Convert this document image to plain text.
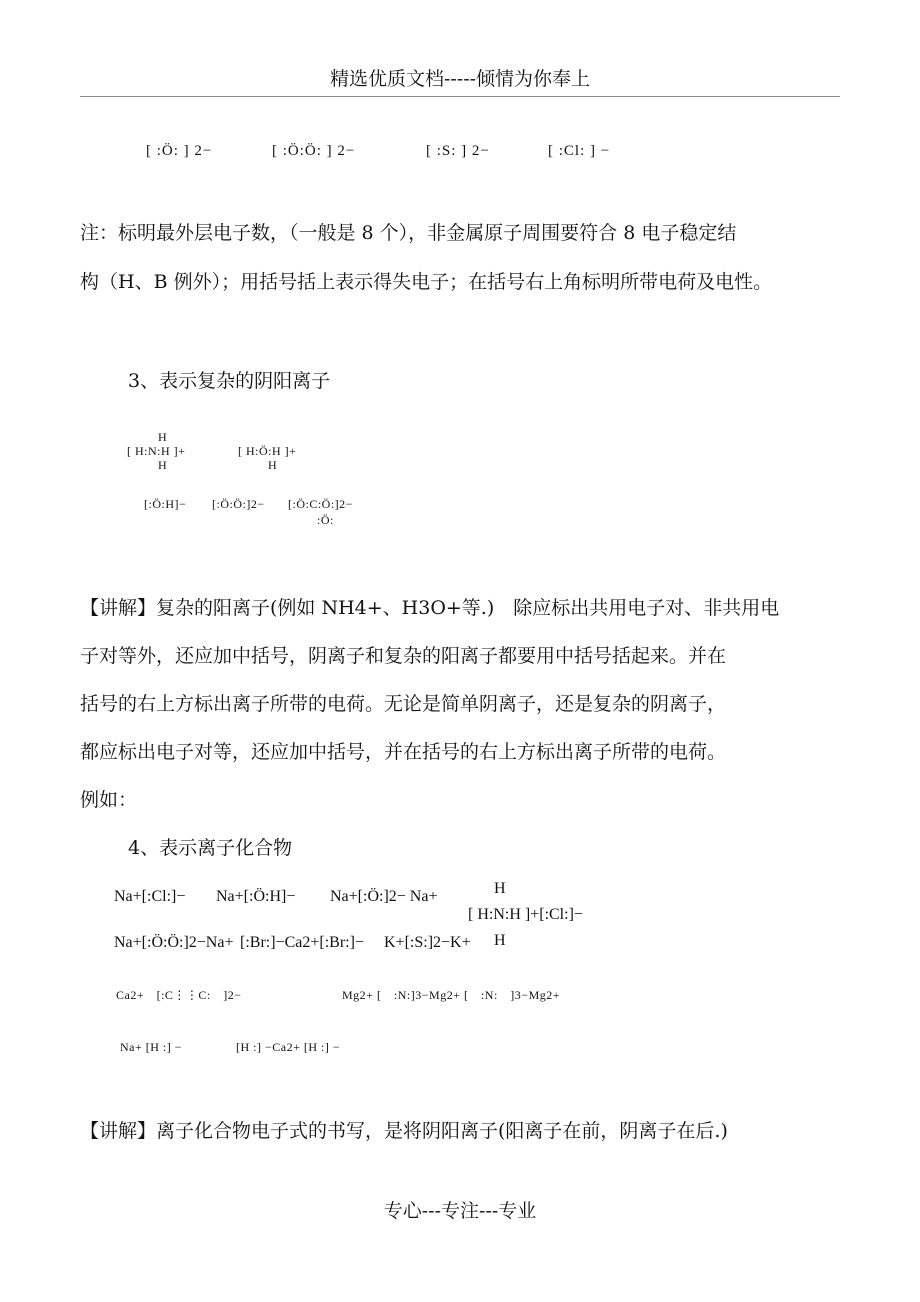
精选优质文档-----倾情为你奉上
[ :Ö: ] 2−	[ :Ö:Ö: ] 2−	[ :S: ] 2−	[ :Cl: ] −
注：标明最外层电子数，（一般是 8 个），非金属原子周围要符合 8 电子稳定结
构（H、B 例外）；用括号括上表示得失电子；在括号右上角标明所带电荷及电性。
3、表示复杂的阴阳离子
H
[ H:N:H ]+
H
[ H:Ö:H ]+
H
[:Ö:H]− [:Ö:Ö:]2− [:Ö:C:Ö:]2−
:Ö:
【讲解】复杂的阳离子(例如 NH4+、H3O+等.)　除应标出共用电子对、非共用电
子对等外，还应加中括号，阴离子和复杂的阳离子都要用中括号括起来。并在
括号的右上方标出离子所带的电荷。无论是简单阴离子，还是复杂的阴离子，
都应标出电子对等，还应加中括号，并在括号的右上方标出离子所带的电荷。
例如：
4、表示离子化合物
Na+[:Cl:]− Na+[:Ö:H]− Na+[:Ö:]2− Na+	H
[ H:N:H ]+[:Cl:]−
H
Na+[:Ö:Ö:]2−Na+ [:Br:]−Ca2+[:Br:]− K+[:S:]2−K+
Ca2+　[:C⋮⋮C:　]2−	Mg2+ [　:N:]3−Mg2+ [　:N:　]3−Mg2+
Na+ [H :] −	[H :] −Ca2+ [H :] −
【讲解】离子化合物电子式的书写，是将阴阳离子(阳离子在前，阴离子在后.)
专心---专注---专业
